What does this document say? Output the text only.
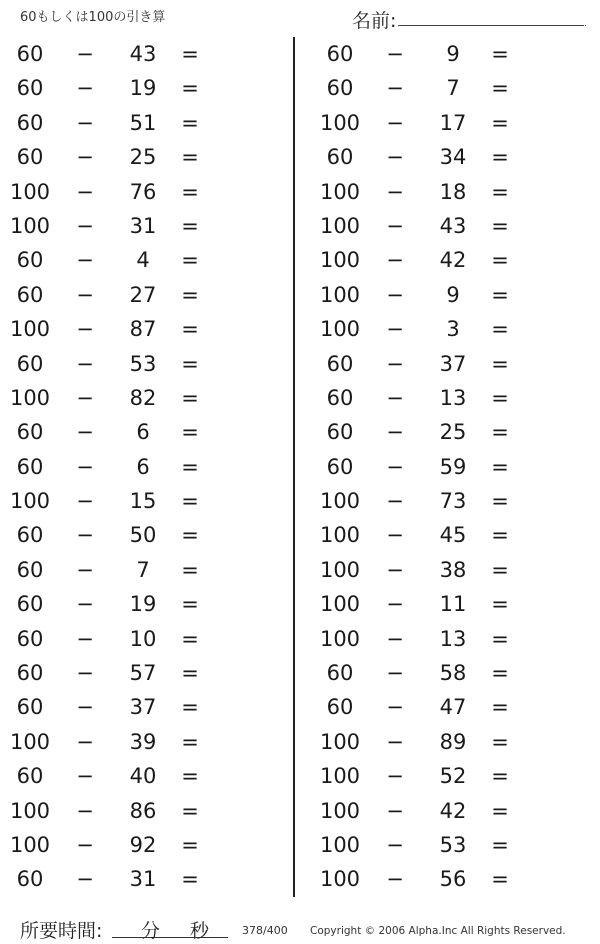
60もしくは100の引き算	名前:	.
60	−	43	=
60	−	19	=
60	−	51	=
60	−	25	=
100	−	76	=
100	−	31	=
60	−	4	=
60	−	27	=
100	−	87	=
60	−	53	=
100	−	82	=
60	−	6	=
60	−	6	=
100	−	15	=
60	−	50	=
60	−	7	=
60	−	19	=
60	−	10	=
60	−	57	=
60	−	37	=
100	−	39	=
60	−	40	=
100	−	86	=
100	−	92	=
60	−	31	=
60	−	9	=
60	−	7	=
100	−	17	=
60	−	34	=
100	−	18	=
100	−	43	=
100	−	42	=
100	−	9	=
100	−	3	=
60	−	37	=
60	−	13	=
60	−	25	=
60	−	59	=
100	−	73	=
100	−	45	=
100	−	38	=
100	−	11	=
100	−	13	=
60	−	58	=
60	−	47	=
100	−	89	=
100	−	52	=
100	−	42	=
100	−	53	=
100	−	56	=
所要時間: 分 秒	378/400 Copyright © 2006 Alpha.Inc All Rights Reserved.
